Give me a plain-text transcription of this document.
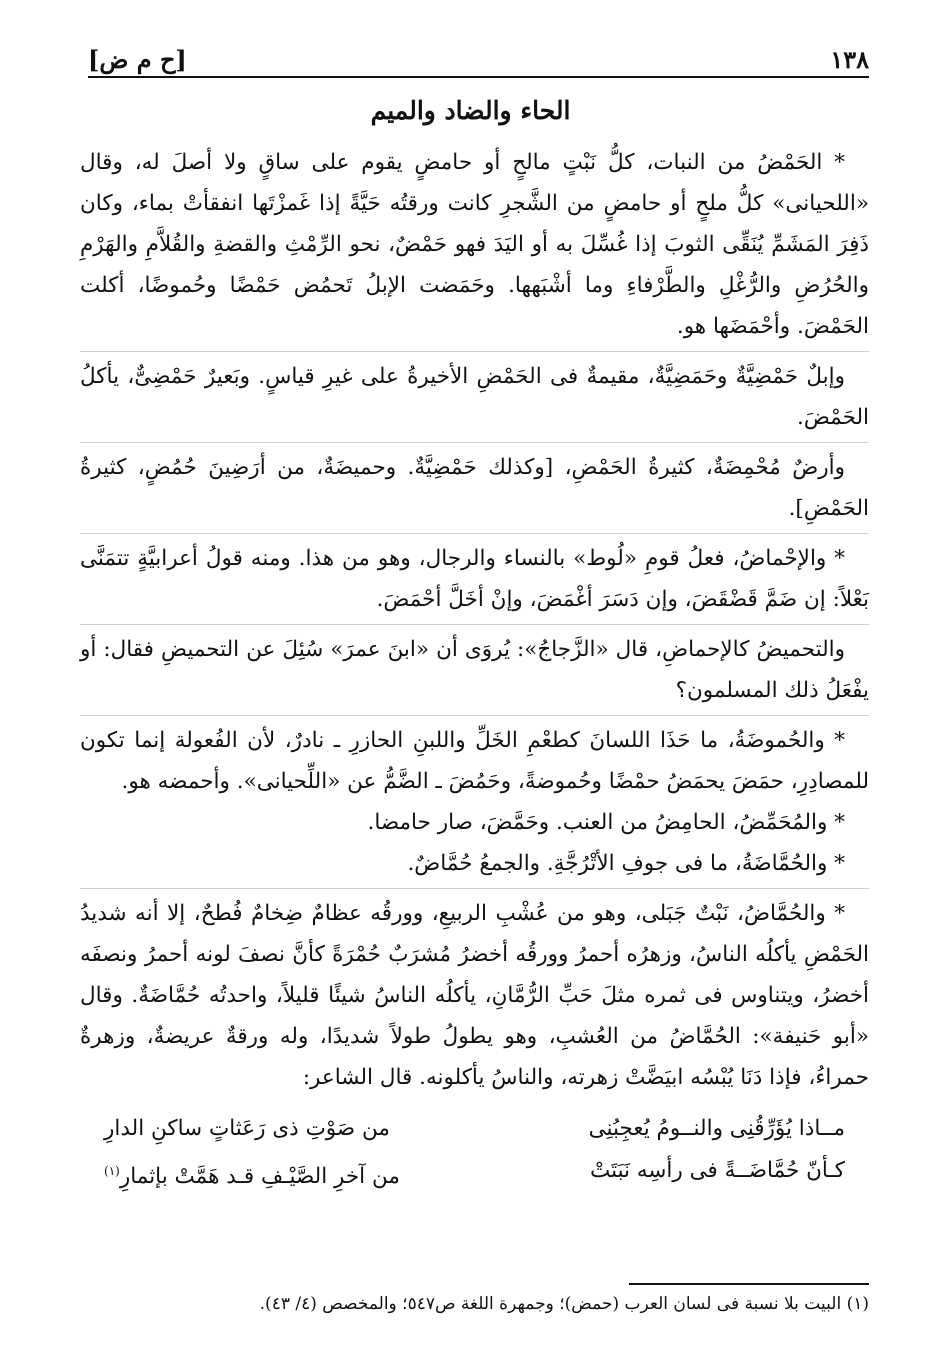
١٣٨
[ح م ض]
الحاء والضاد والميم

* الحَمْضُ من النبات، كلُّ نَبْتٍ مالحٍ أو حامضٍ يقوم على ساقٍ ولا أصلَ له، وقال «اللحيانى» كلُّ ملحٍ أو حامضٍ من الشَّجرِ كانت ورقتُه حَيَّةً إذا غَمزْتَها انفقأتْ بماء، وكان ذَفِرَ المَشَمِّ يُنَقِّى الثوبَ إذا غُسِّلَ به أو اليَدَ فهو حَمْضٌ، نحو الرِّمْثِ والقضةِ والقُلاَّمِ والهَرْمِ والحُرُضِ والرُّغْلِ والطَّرْفاءِ وما أشْبَهها. وحَمَضت الإبلُ تَحمُض حَمْضًا وحُموضًا، أكلت الحَمْضَ. وأحْمَضَها هو.

وإبلٌ حَمْضِيَّةٌ وحَمَضِيَّةٌ، مقيمةٌ فى الحَمْضِ الأخيرةُ على غيرِ قياسٍ. وبَعيرٌ حَمْضِىٌّ، يأكلُ الحَمْضَ.

وأرضٌ مُحْمِضَةٌ، كثيرةُ الحَمْضِ، [وكذلك حَمْضِيَّةٌ. وحميضَةٌ، من أرَضِينَ حُمُضٍ، كثيرةُ الحَمْضِ].

* والإحْماضُ، فعلُ قومِ «لُوط» بالنساء والرجال، وهو من هذا. ومنه قولُ أعرابيَّةٍ تتمَنَّى بَعْلاً: إن ضَمَّ قَضْقَضَ، وإن دَسَرَ أغْمَضَ، وإنْ أخَلَّ أحْمَضَ.

والتحميضُ كالإحماضِ، قال «الزَّجاجُ»: يُروَى أن «ابنَ عمرَ» سُئِلَ عن التحميضِ فقال: أو يفْعَلُ ذلك المسلمون؟

* والحُموضَةُ، ما حَذَا اللسانَ كطعْمِ الخَلِّ واللبنِ الحازرِ ـ نادرٌ، لأن الفُعولة إنما تكون للمصادِرِ، حمَضَ يحمَضُ حمْضًا وحُموضةً، وحَمُضَ ـ الضَّمُّ عن «اللِّحيانى». وأحمضه هو.

* والمُحَمِّضُ، الحامِضُ من العنب. وحَمَّضَ، صار حامضا.

* والحُمَّاضَةُ، ما فى جوفِ الأتْرُجَّةِ. والجمعُ حُمَّاضٌ.

* والحُمَّاضُ، نَبْتٌ جَبَلى، وهو من عُشْبِ الربيعِ، وورقُه عظامٌ ضِخامٌ فُطحٌ، إلا أنه شديدُ الحَمْضِ يأكلُه الناسُ، وزهرُه أحمرُ وورقُه أخضرُ مُشرَبٌ حُمْرَةً كأنَّ نصفَ لونه أحمرُ ونصفَه أخضرُ، ويتناوس فى ثمره مثلَ حَبِّ الرُّمَّانِ، يأكلُه الناسُ شيئًا قليلاً، واحدتُه حُمَّاضَةٌ. وقال «أبو حَنيفة»: الحُمَّاضُ من العُشبِ، وهو يطولُ طولاً شديدًا، وله ورقةٌ عريضةٌ، وزهرةٌ حمراءُ، فإذا دَنَا يُبْسُه ابيَضَّتْ زهرته، والناسُ يأكلونه. قال الشاعر:

مــاذا يُؤَرِّقُنِى والنــومُ يُعجِبُنِى
من صَوْتِ ذى رَعَثاتٍ ساكنِ الدارِ
كـأنّ حُمَّاضَــةً فى رأسِه نَبَتَتْ
من آخرِ الصَّيْـفِ قـد هَمَّتْ بإثمارِ$^{(١)}$
(١) البيت بلا نسبة فى لسان العرب (حمض)؛ وجمهرة اللغة ص٥٤٧؛ والمخصص (٤/ ٤٣).
